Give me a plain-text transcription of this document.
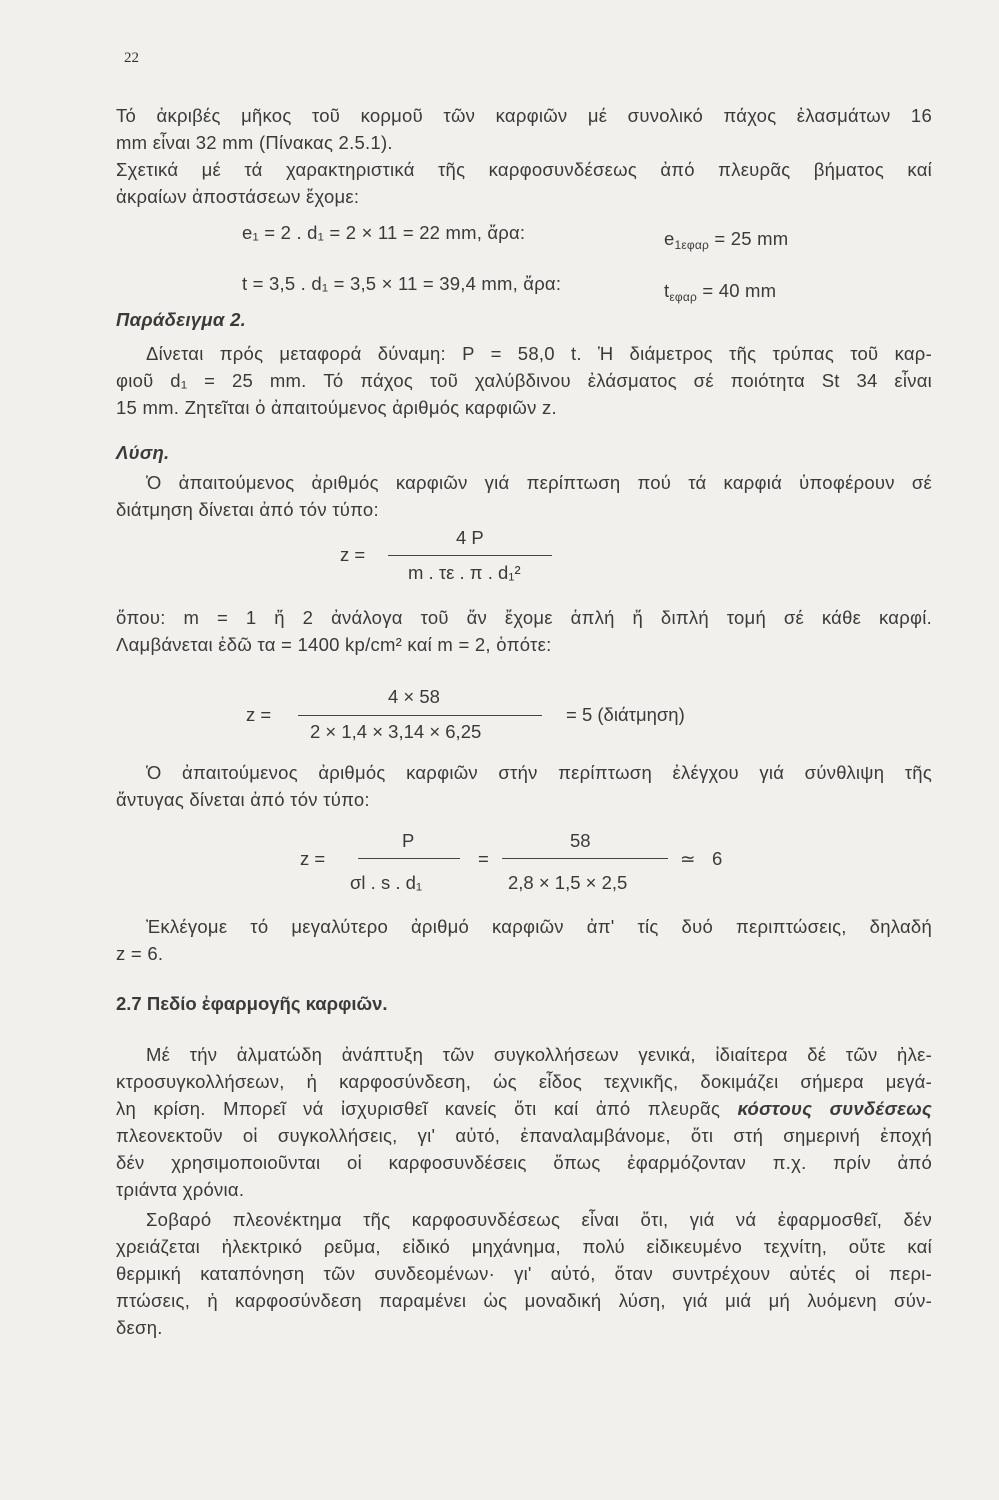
22
Τό ἀκριβές μῆκος τοῦ κορμοῦ τῶν καρφιῶν μέ συνολικό πάχος ἐλασμάτων 16
mm εἶναι 32 mm (Πίνακας 2.5.1).
Σχετικά μέ τά χαρακτηριστικά τῆς καρφοσυνδέσεως ἀπό πλευρᾶς βήματος καί
ἀκραίων ἀποστάσεων ἔχομε:
e₁ = 2 . d₁ = 2 × 11 = 22 mm, ἄρα:	$e_{1\varepsilon\varphi\alpha\rho} = 25$ mm
t = 3,5 . d₁ = 3,5 × 11 = 39,4 mm, ἄρα:	$t_{\varepsilon\varphi\alpha\rho} = 40$ mm
Παράδειγμα 2.
Δίνεται πρός μεταφορά δύναμη: P = 58,0 t. Ἡ διάμετρος τῆς τρύπας τοῦ καρ-
φιοῦ d₁ = 25 mm. Τό πάχος τοῦ χαλύβδινου ἐλάσματος σέ ποιότητα St 34 εἶναι
15 mm. Ζητεῖται ὁ ἀπαιτούμενος ἀριθμός καρφιῶν z.
Λύση.
Ὁ ἀπαιτούμενος ἀριθμός καρφιῶν γιά περίπτωση πού τά καρφιά ὑποφέρουν σέ
διάτμηση δίνεται ἀπό τόν τύπο:
z =
4 P
m . τε . π . d₁²
ὅπου: m = 1 ἤ 2 ἀνάλογα τοῦ ἄν ἔχομε ἁπλή ἤ διπλή τομή σέ κάθε καρφί.
Λαμβάνεται ἐδῶ τα = 1400 kp/cm² καί m = 2, ὁπότε:
z =
4 × 58
2 × 1,4 × 3,14 × 6,25
= 5 (διάτμηση)
Ὁ ἀπαιτούμενος ἀριθμός καρφιῶν στήν περίπτωση ἐλέγχου γιά σύνθλιψη τῆς
ἄντυγας δίνεται ἀπό τόν τύπο:
z =
P
σl . s . d₁
=
58
2,8 × 1,5 × 2,5
≃ 6
Ἐκλέγομε τό μεγαλύτερο ἀριθμό καρφιῶν ἀπ' τίς δυό περιπτώσεις, δηλαδή
z = 6.
2.7 Πεδίο ἐφαρμογῆς καρφιῶν.
Μέ τήν ἁλματώδη ἀνάπτυξη τῶν συγκολλήσεων γενικά, ἰδιαίτερα δέ τῶν ἠλε-
κτροσυγκολλήσεων, ἡ καρφοσύνδεση, ὡς εἶδος τεχνικῆς, δοκιμάζει σήμερα μεγά-
λη κρίση. Μπορεῖ νά ἰσχυρισθεῖ κανείς ὅτι καί ἀπό πλευρᾶς κόστους συνδέσεως
πλεονεκτοῦν οἱ συγκολλήσεις, γι' αὐτό, ἐπαναλαμβάνομε, ὅτι στή σημερινή ἐποχή
δέν χρησιμοποιοῦνται οἱ καρφοσυνδέσεις ὅπως ἐφαρμόζονταν π.χ. πρίν ἀπό
τριάντα χρόνια.
Σοβαρό πλεονέκτημα τῆς καρφοσυνδέσεως εἶναι ὅτι, γιά νά ἐφαρμοσθεῖ, δέν
χρειάζεται ἠλεκτρικό ρεῦμα, εἰδικό μηχάνημα, πολύ εἰδικευμένο τεχνίτη, οὔτε καί
θερμική καταπόνηση τῶν συνδεομένων· γι' αὐτό, ὅταν συντρέχουν αὐτές οἱ περι-
πτώσεις, ἡ καρφοσύνδεση παραμένει ὡς μοναδική λύση, γιά μιά μή λυόμενη σύν-
δεση.
